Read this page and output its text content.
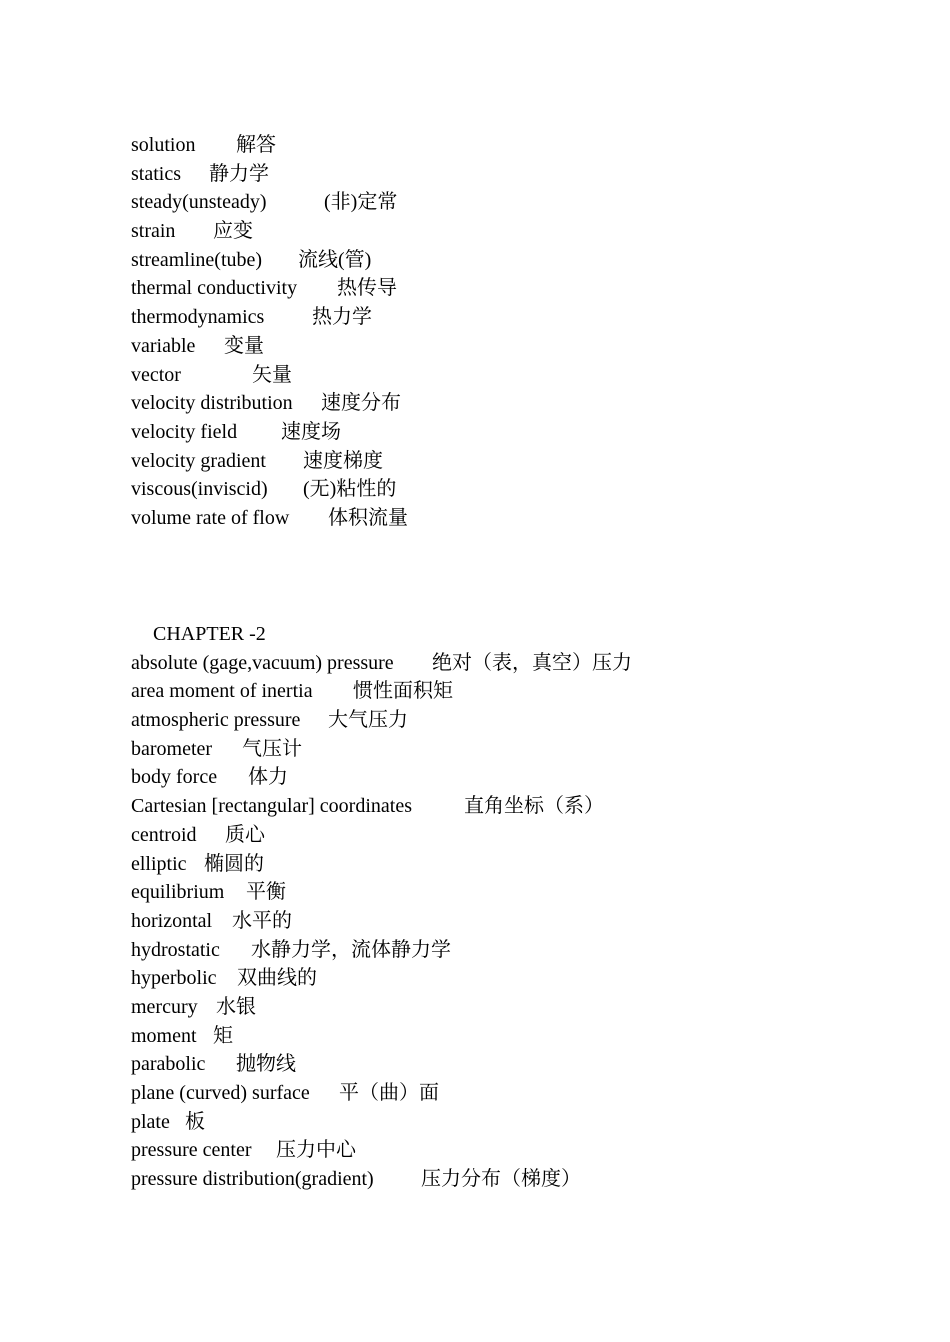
solution	解答
statics	静力学
steady(unsteady)	(非)定常
strain	应变
streamline(tube)	流线(管)
thermal conductivity	热传导
thermodynamics	热力学
variable	变量
vector	矢量
velocity distribution	速度分布
velocity field	速度场
velocity gradient	速度梯度
viscous(inviscid)	(无)粘性的
volume rate of flow	体积流量
CHAPTER -2
absolute (gage,vacuum) pressure	绝对（表，真空）压力
area moment of inertia	惯性面积矩
atmospheric pressure	大气压力
barometer	气压计
body force	体力
Cartesian [rectangular] coordinates	直角坐标（系）
centroid	质心
elliptic 椭圆的
equilibrium	平衡
horizontal 水平的
hydrostatic	水静力学，流体静力学
hyperbolic	双曲线的
mercury 水银
moment 矩
parabolic	抛物线
plane (curved) surface	平（曲）面
plate 板
pressure center	压力中心
pressure distribution(gradient)	压力分布（梯度）
